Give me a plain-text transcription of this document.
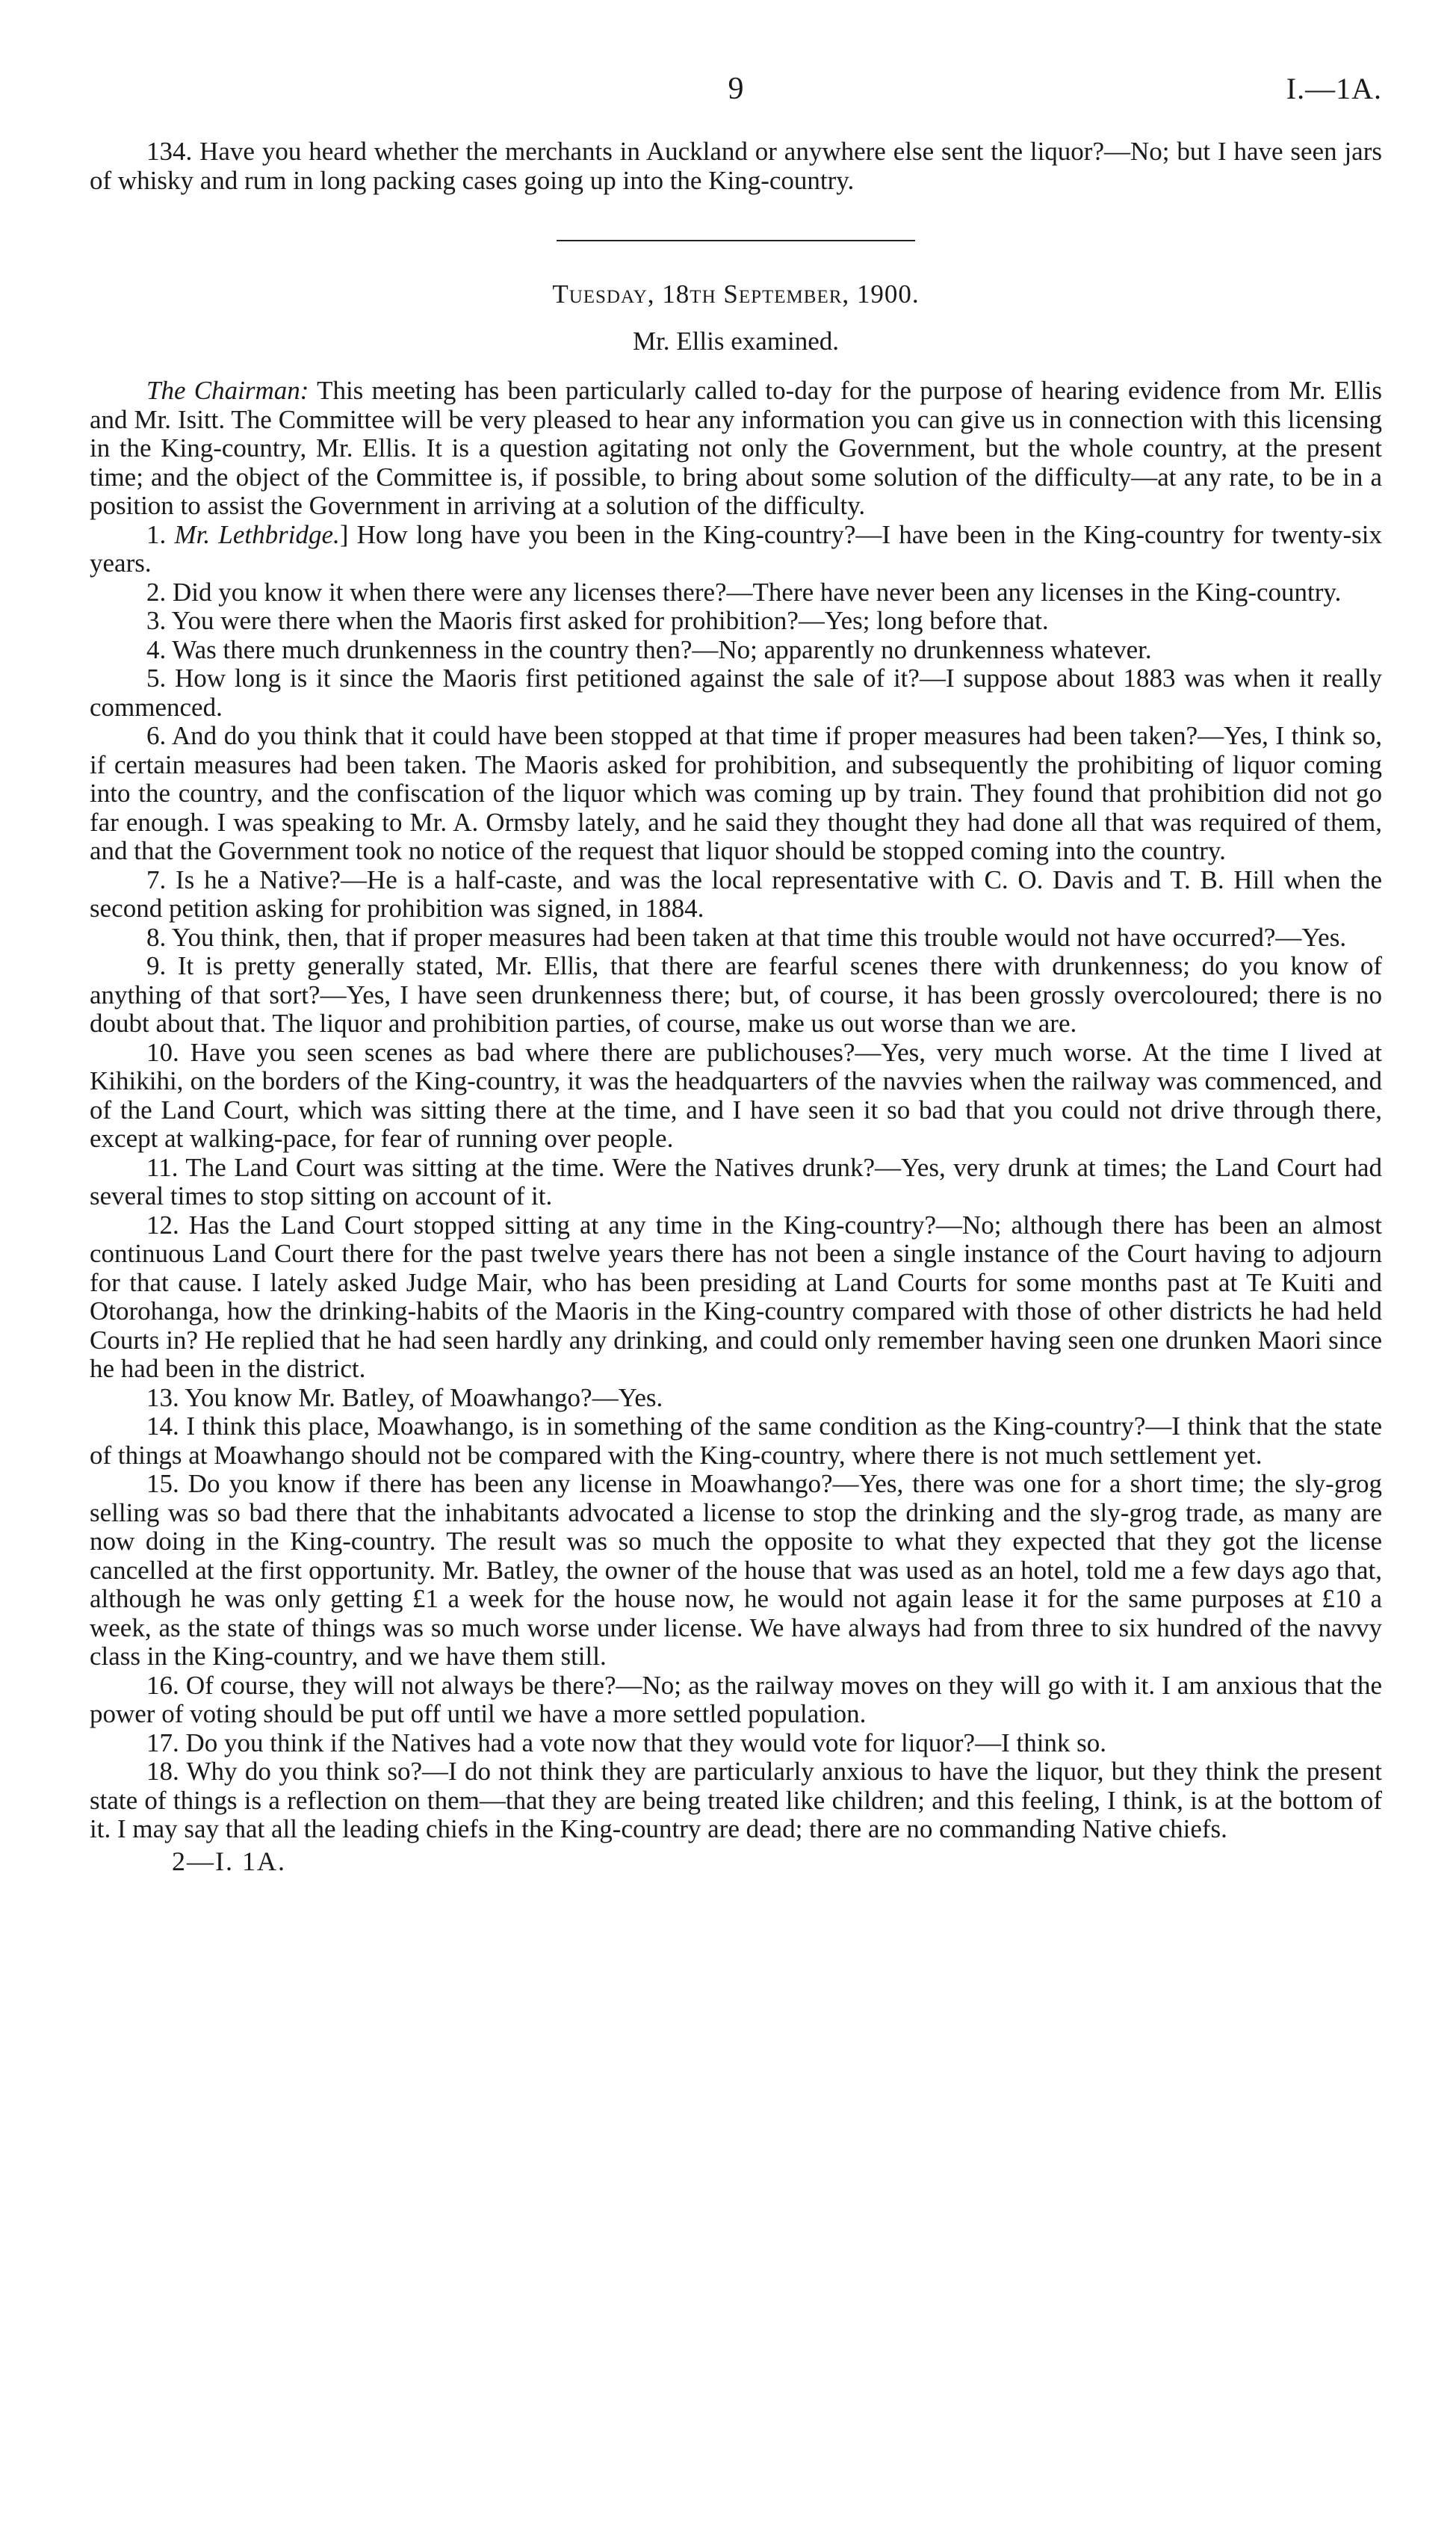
9	I.—1A.

134. Have you heard whether the merchants in Auckland or anywhere else sent the liquor?—No; but I have seen jars of whisky and rum in long packing cases going up into the King-country.

Tuesday, 18th September, 1900.

Mr. Ellis examined.

The Chairman: This meeting has been particularly called to-day for the purpose of hearing evidence from Mr. Ellis and Mr. Isitt. The Committee will be very pleased to hear any information you can give us in connection with this licensing in the King-country, Mr. Ellis. It is a question agitating not only the Government, but the whole country, at the present time; and the object of the Committee is, if possible, to bring about some solution of the difficulty—at any rate, to be in a position to assist the Government in arriving at a solution of the difficulty.

1. Mr. Lethbridge.] How long have you been in the King-country?—I have been in the King-country for twenty-six years.

2. Did you know it when there were any licenses there?—There have never been any licenses in the King-country.

3. You were there when the Maoris first asked for prohibition?—Yes; long before that.

4. Was there much drunkenness in the country then?—No; apparently no drunkenness whatever.

5. How long is it since the Maoris first petitioned against the sale of it?—I suppose about 1883 was when it really commenced.

6. And do you think that it could have been stopped at that time if proper measures had been taken?—Yes, I think so, if certain measures had been taken. The Maoris asked for prohibition, and subsequently the prohibiting of liquor coming into the country, and the confiscation of the liquor which was coming up by train. They found that prohibition did not go far enough. I was speaking to Mr. A. Ormsby lately, and he said they thought they had done all that was required of them, and that the Government took no notice of the request that liquor should be stopped coming into the country.

7. Is he a Native?—He is a half-caste, and was the local representative with C. O. Davis and T. B. Hill when the second petition asking for prohibition was signed, in 1884.

8. You think, then, that if proper measures had been taken at that time this trouble would not have occurred?—Yes.

9. It is pretty generally stated, Mr. Ellis, that there are fearful scenes there with drunkenness; do you know of anything of that sort?—Yes, I have seen drunkenness there; but, of course, it has been grossly overcoloured; there is no doubt about that. The liquor and prohibition parties, of course, make us out worse than we are.

10. Have you seen scenes as bad where there are publichouses?—Yes, very much worse. At the time I lived at Kihikihi, on the borders of the King-country, it was the headquarters of the navvies when the railway was commenced, and of the Land Court, which was sitting there at the time, and I have seen it so bad that you could not drive through there, except at walking-pace, for fear of running over people.

11. The Land Court was sitting at the time. Were the Natives drunk?—Yes, very drunk at times; the Land Court had several times to stop sitting on account of it.

12. Has the Land Court stopped sitting at any time in the King-country?—No; although there has been an almost continuous Land Court there for the past twelve years there has not been a single instance of the Court having to adjourn for that cause. I lately asked Judge Mair, who has been presiding at Land Courts for some months past at Te Kuiti and Otorohanga, how the drinking-habits of the Maoris in the King-country compared with those of other districts he had held Courts in? He replied that he had seen hardly any drinking, and could only remember having seen one drunken Maori since he had been in the district.

13. You know Mr. Batley, of Moawhango?—Yes.

14. I think this place, Moawhango, is in something of the same condition as the King-country?—I think that the state of things at Moawhango should not be compared with the King-country, where there is not much settlement yet.

15. Do you know if there has been any license in Moawhango?—Yes, there was one for a short time; the sly-grog selling was so bad there that the inhabitants advocated a license to stop the drinking and the sly-grog trade, as many are now doing in the King-country. The result was so much the opposite to what they expected that they got the license cancelled at the first opportunity. Mr. Batley, the owner of the house that was used as an hotel, told me a few days ago that, although he was only getting £1 a week for the house now, he would not again lease it for the same purposes at £10 a week, as the state of things was so much worse under license. We have always had from three to six hundred of the navvy class in the King-country, and we have them still.

16. Of course, they will not always be there?—No; as the railway moves on they will go with it. I am anxious that the power of voting should be put off until we have a more settled population.

17. Do you think if the Natives had a vote now that they would vote for liquor?—I think so.

18. Why do you think so?—I do not think they are particularly anxious to have the liquor, but they think the present state of things is a reflection on them—that they are being treated like children; and this feeling, I think, is at the bottom of it. I may say that all the leading chiefs in the King-country are dead; there are no commanding Native chiefs.

2—I. 1A.
